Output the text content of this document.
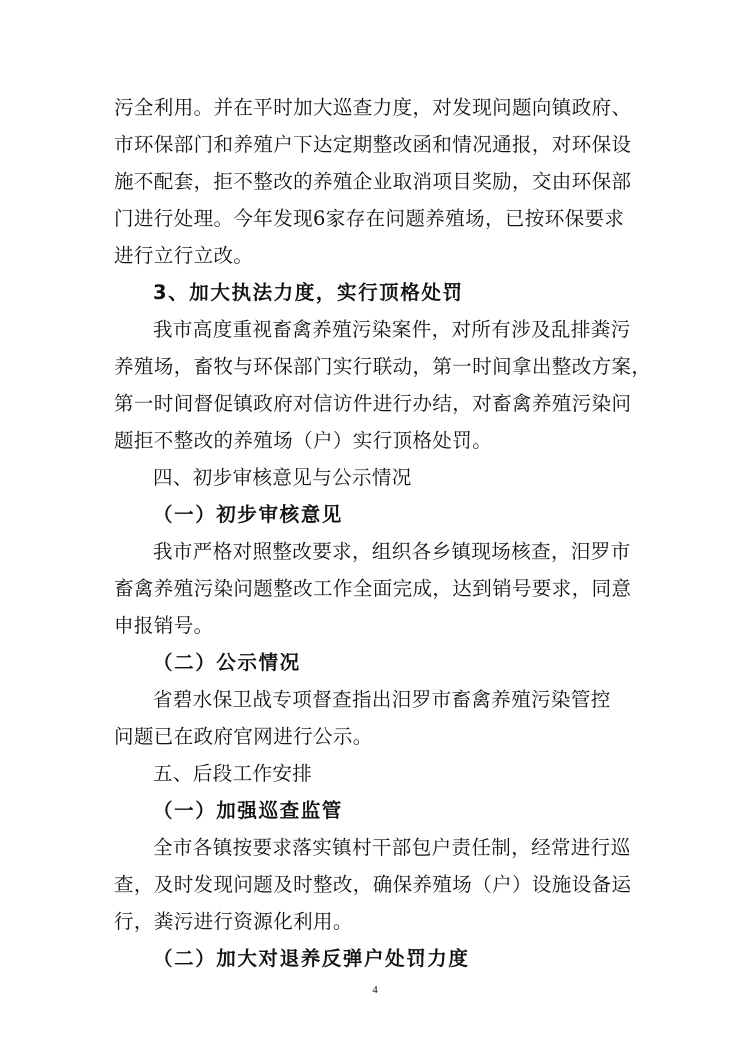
污全利用。并在平时加大巡查力度，对发现问题向镇政府、

市环保部门和养殖户下达定期整改函和情况通报，对环保设

施不配套，拒不整改的养殖企业取消项目奖励，交由环保部

门进行处理。今年发现6家存在问题养殖场，已按环保要求

进行立行立改。

3、加大执法力度，实行顶格处罚

我市高度重视畜禽养殖污染案件，对所有涉及乱排粪污

养殖场，畜牧与环保部门实行联动，第一时间拿出整改方案，

第一时间督促镇政府对信访件进行办结，对畜禽养殖污染问

题拒不整改的养殖场（户）实行顶格处罚。

四、初步审核意见与公示情况

（一）初步审核意见

我市严格对照整改要求，组织各乡镇现场核查，汨罗市

畜禽养殖污染问题整改工作全面完成，达到销号要求，同意

申报销号。

（二）公示情况

省碧水保卫战专项督查指出汨罗市畜禽养殖污染管控

问题已在政府官网进行公示。

五、后段工作安排

（一）加强巡查监管

全市各镇按要求落实镇村干部包户责任制，经常进行巡

查，及时发现问题及时整改，确保养殖场（户）设施设备运

行，粪污进行资源化利用。

（二）加大对退养反弹户处罚力度

4
